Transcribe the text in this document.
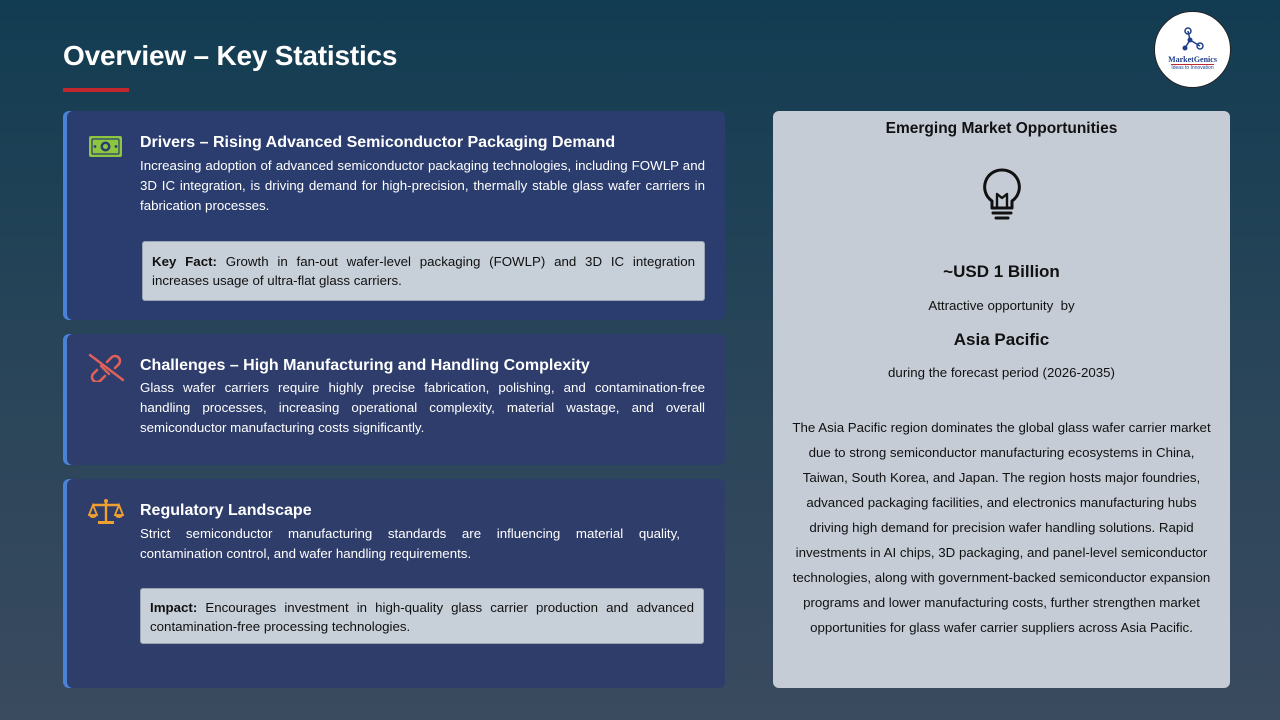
Overview – Key Statistics	MarketGenics
Ideas to Innovation
Drivers – Rising Advanced Semiconductor Packaging Demand
Increasing adoption of advanced semiconductor packaging technologies, including FOWLP and 3D IC integration, is driving demand for high-precision, thermally stable glass wafer carriers in fabrication processes.
Key Fact: Growth in fan-out wafer-level packaging (FOWLP) and 3D IC integration increases usage of ultra-flat glass carriers.
Challenges – High Manufacturing and Handling Complexity
Glass wafer carriers require highly precise fabrication, polishing, and contamination-free handling processes, increasing operational complexity, material wastage, and overall semiconductor manufacturing costs significantly.
Regulatory Landscape
Strict semiconductor manufacturing standards are influencing material quality, contamination control, and wafer handling requirements.
Impact: Encourages investment in high-quality glass carrier production and advanced contamination-free processing technologies.
Emerging Market Opportunities
~USD 1 Billion
Attractive opportunity  by
Asia Pacific
during the forecast period (2026-2035)
The Asia Pacific region dominates the global glass wafer carrier market due to strong semiconductor manufacturing ecosystems in China, Taiwan, South Korea, and Japan. The region hosts major foundries, advanced packaging facilities, and electronics manufacturing hubs driving high demand for precision wafer handling solutions. Rapid investments in AI chips, 3D packaging, and panel-level semiconductor technologies, along with government-backed semiconductor expansion programs and lower manufacturing costs, further strengthen market opportunities for glass wafer carrier suppliers across Asia Pacific.
